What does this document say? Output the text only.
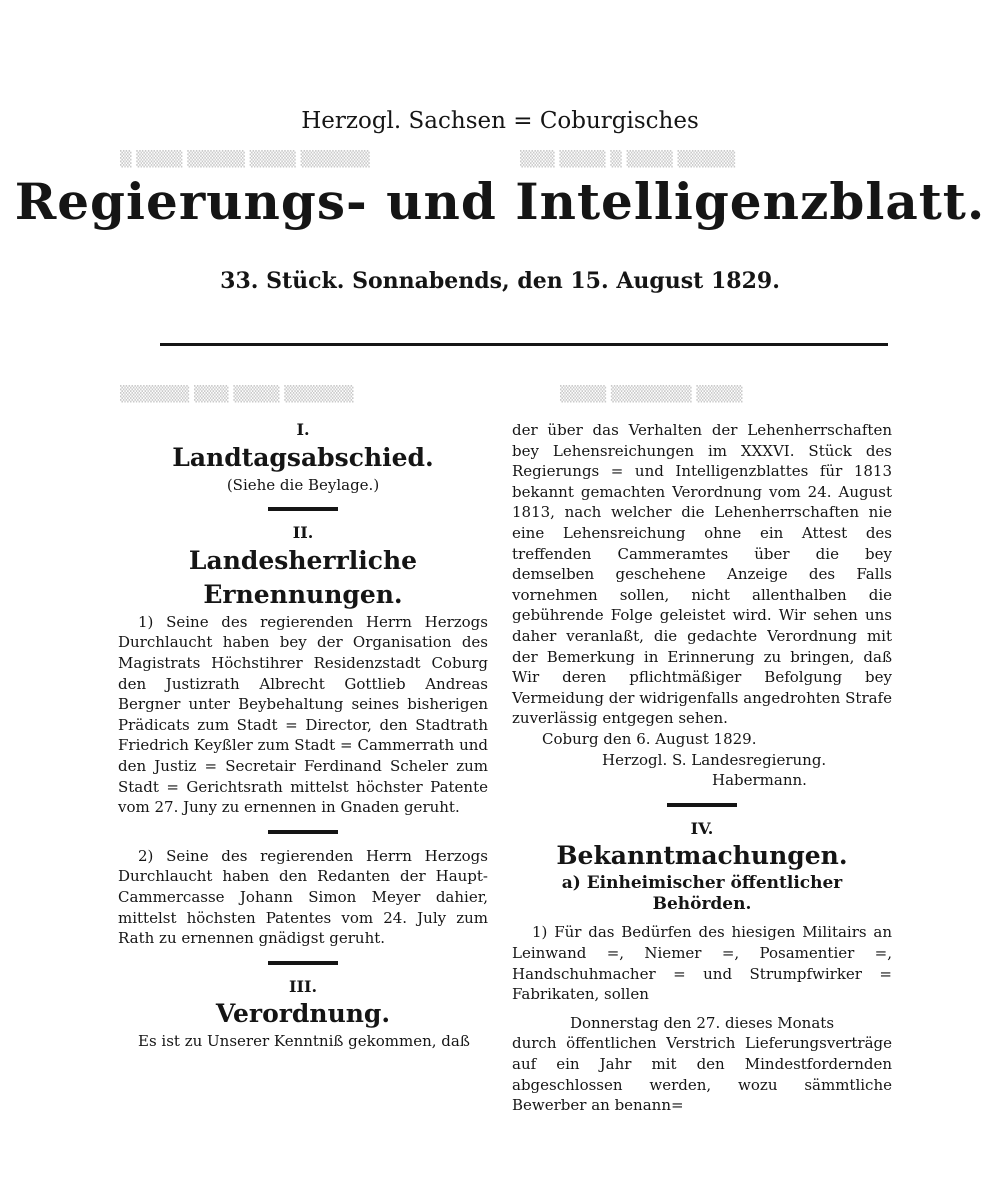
▒ ▒▒▒▒ ▒▒▒▒▒ ▒▒▒▒ ▒▒▒▒▒▒	▒▒▒ ▒▒▒▒ ▒ ▒▒▒▒ ▒▒▒▒▒
▒▒▒▒ ▒▒▒▒▒▒▒ ▒▒▒▒
▒▒▒▒▒▒ ▒▒▒ ▒▒▒▒ ▒▒▒▒▒▒
Herzogl. Sachsen = Coburgisches
Regierungs- und Intelligenzblatt.
33. Stück. Sonnabends, den 15. August 1829.
I.
Landtagsabschied.
(Siehe die Beylage.)
II.
Landesherrliche Ernennungen.

1) Seine des regierenden Herrn Herzogs Durchlaucht haben bey der Organisation des Magistrats Höchstihrer Residenzstadt Coburg den Justizrath Albrecht Gottlieb Andreas Bergner unter Beybehaltung seines bisherigen Prädicats zum Stadt = Director, den Stadtrath Friedrich Keyßler zum Stadt = Cammerrath und den Justiz = Secretair Ferdinand Scheler zum Stadt = Gerichtsrath mittelst höchster Patente vom 27. Juny zu ernennen in Gnaden geruht.

2) Seine des regierenden Herrn Herzogs Durchlaucht haben den Redanten der Haupt-Cammercasse Johann Simon Meyer dahier, mittelst höchsten Patentes vom 24. July zum Rath zu ernennen gnädigst geruht.

III.
Verordnung.

Es ist zu Unserer Kenntniß gekommen, daß

der über das Verhalten der Lehenherrschaften bey Lehensreichungen im XXXVI. Stück des Regierungs = und Intelligenzblattes für 1813 bekannt gemachten Verordnung vom 24. August 1813, nach welcher die Lehenherrschaften nie eine Lehensreichung ohne ein Attest des treffenden Cammeramtes über die bey demselben geschehene Anzeige des Falls vornehmen sollen, nicht allenthalben die gebührende Folge geleistet wird. Wir sehen uns daher veranlaßt, die gedachte Verordnung mit der Bemerkung in Erinnerung zu bringen, daß Wir deren pflichtmäßiger Befolgung bey Vermeidung der widrigenfalls angedrohten Strafe zuverlässig entgegen sehen.

Coburg den 6. August 1829.
Herzogl. S. Landesregierung.
Habermann.
IV.
Bekanntmachungen.
a) Einheimischer öffentlicher Behörden.

1) Für das Bedürfen des hiesigen Militairs an Leinwand =, Niemer =, Posamentier =, Handschuhmacher = und Strumpfwirker = Fabrikaten, sollen

Donnerstag den 27. dieses Monats

durch öffentlichen Verstrich Lieferungsverträge auf ein Jahr mit den Mindestfordernden abgeschlossen werden, wozu sämmtliche Bewerber an benann=
